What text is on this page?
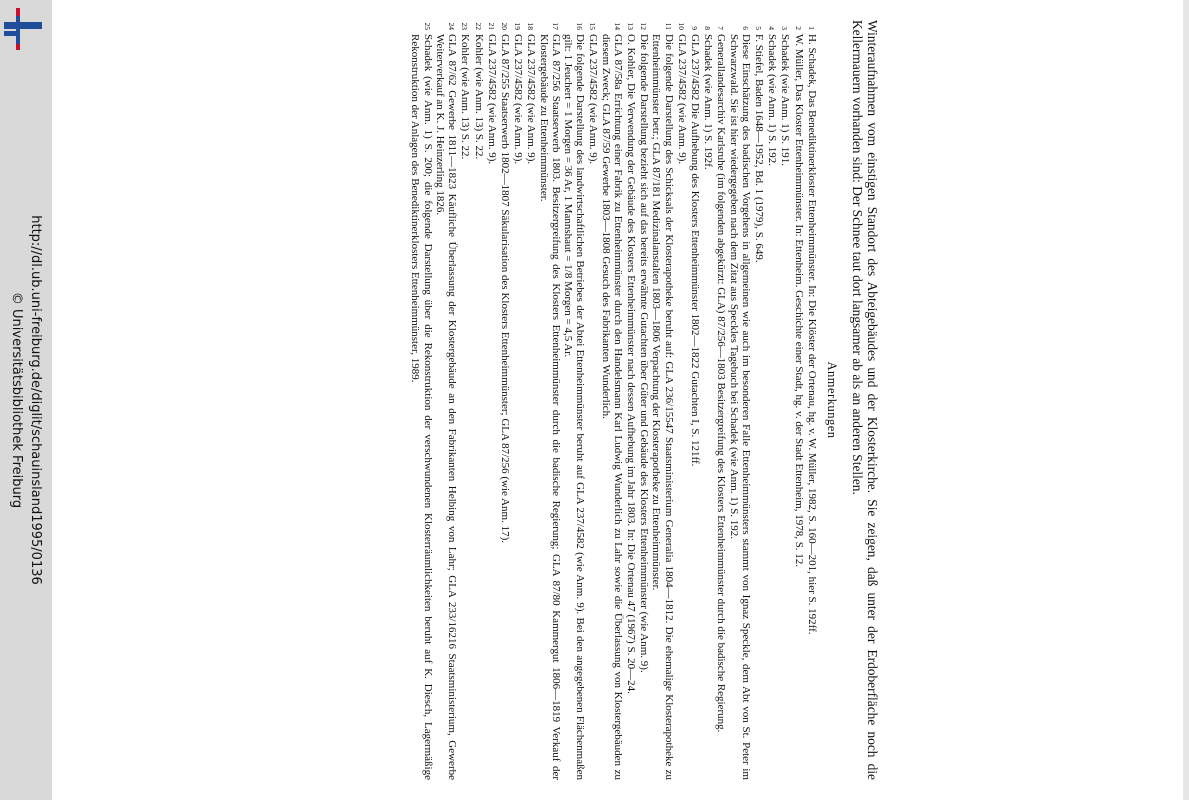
http://dl.ub.uni-freiburg.de/diglit/schauinsland1995/0136
© Universitätsbibliothek Freiburg	Winteraufnahmen vom einstigen Standort des Abteigebäudes und der Klosterkirche. Sie zeigen, daß unter der Erdoberfläche noch die Kellermauern vorhanden sind: Der Schnee taut dort langsamer ab als an anderen Stellen.

Anmerkungen
1
H. Schadek, Das Benediktinerkloster Ettenheimmünster. In: Die Klöster der Ortenau, hg. v. W. Müller, 1982, S. 160—201, hier S. 192ff.
2
W. Müller, Das Kloster Ettenheimmünster. In: Ettenheim. Geschichte einer Stadt, hg. v. der Stadt Ettenheim, 1978, S. 12.
3
Schadek (wie Anm. 1) S. 191.
4
Schadek (wie Anm. 1) S. 192.
5
F. Stiefel, Baden 1648—1952, Bd. 1 (1979), S. 649.
6
Diese Einschätzung des badischen Vorgehens in allgemeinen wie auch im besonderen Falle Ettenheimmünsters stammt von Ignaz Speckle, dem Abt von St. Peter im Schwarzwald. Sie ist hier wiedergegeben nach dem Zitat aus Speckles Tagebuch bei Schadek (wie Anm. 1) S. 192.
7
Generallandesarchiv Karlsruhe (im folgenden abgekürzt: GLA) 87/256—1803 Besitzergreifung des Klosters Ettenheimmünster durch die badische Regierung.
8
Schadek (wie Anm. 1) S. 192f.
9
GLA 237/4582 Die Aufhebung des Klosters Ettenheimmünster 1802—1822 Gutachten I, S. 121ff.
10
GLA 237/4582 (wie Anm. 9).
11
Die folgende Darstellung des Schicksals der Klosterapotheke beruht auf: GLA 236/15547 Staatsministerium Generalia 1804—1812. Die ehemalige Klosterapotheke zu Ettenheimmünster betr.; GLA 87/181 Medizinalanstalten 1803—1806 Verpachtung der Klosterapotheke zu Ettenheimmünster.
12
Die folgende Darstellung bezieht sich auf das bereits erwähnte Gutachten über Güter und Gebäude des Klosters Ettenheimmünster (wie Anm. 9).
13
O. Kohler, Die Verwendung der Gebäude des Klosters Ettenheimmünster nach dessen Aufhebung im Jahr 1803. In: Die Ortenau 47 (1967) S. 20—24.
14
GLA 87/58a Errichtung einer Fabrik zu Ettenheimmünster durch den Handelsmann Karl Ludwig Wunderlich zu Lahr sowie die Überlassung von Klostergebäuden zu diesem Zweck; GLA 87/59 Gewerbe 1803—1808 Gesuch des Fabrikanten Wunderlich.
15
GLA 237/4582 (wie Anm. 9).
16
Die folgende Darstellung des landwirtschaftlichen Betriebes der Abtei Ettenheimmünster beruht auf GLA 237/4582 (wie Anm. 9). Bei den angegebenen Flächenmaßen gilt: 1 Jeuchert = 1 Morgen = 36 Ar, 1 Mannshaut = 1/8 Morgen = 4,5 Ar.
17
GLA 87/256 Staatserwerb 1803. Besitzergreifung des Klosters Ettenheimmünster durch die badische Regierung; GLA 87/80 Kammergut 1806—1819 Verkauf der Klostergebäude zu Ettenheimmünster.
18
GLA 237/4582 (wie Anm. 9).
19
GLA 237/4582 (wie Anm. 9).
20
GLA 87/255 Staatserwerb 1802—1807 Säkularisation des Klosters Ettenheimmünster; GLA 87/256 (wie Anm. 17).
21
GLA 237/4582 (wie Anm. 9).
22
Kohler (wie Anm. 13) S. 22.
23
Kohler (wie Anm. 13) S. 22.
24
GLA 87/62 Gewerbe 1811—1823 Käufliche Überlassung der Klostergebäude an den Fabrikanten Helbing von Lahr; GLA 233/16216 Staatsministerium, Gewerbe Weiterverkauf an K. J. Heinzerling 1826.
25
Schadek (wie Anm. 1) S. 200; die folgende Darstellung über die Rekonstruktion der verschwundenen Klosterräumlichkeiten beruht auf K. Diesch, Lagermäßige Rekonstruktion der Anlagen des Benediktinerklosters Ettenheimmünster, 1989.
